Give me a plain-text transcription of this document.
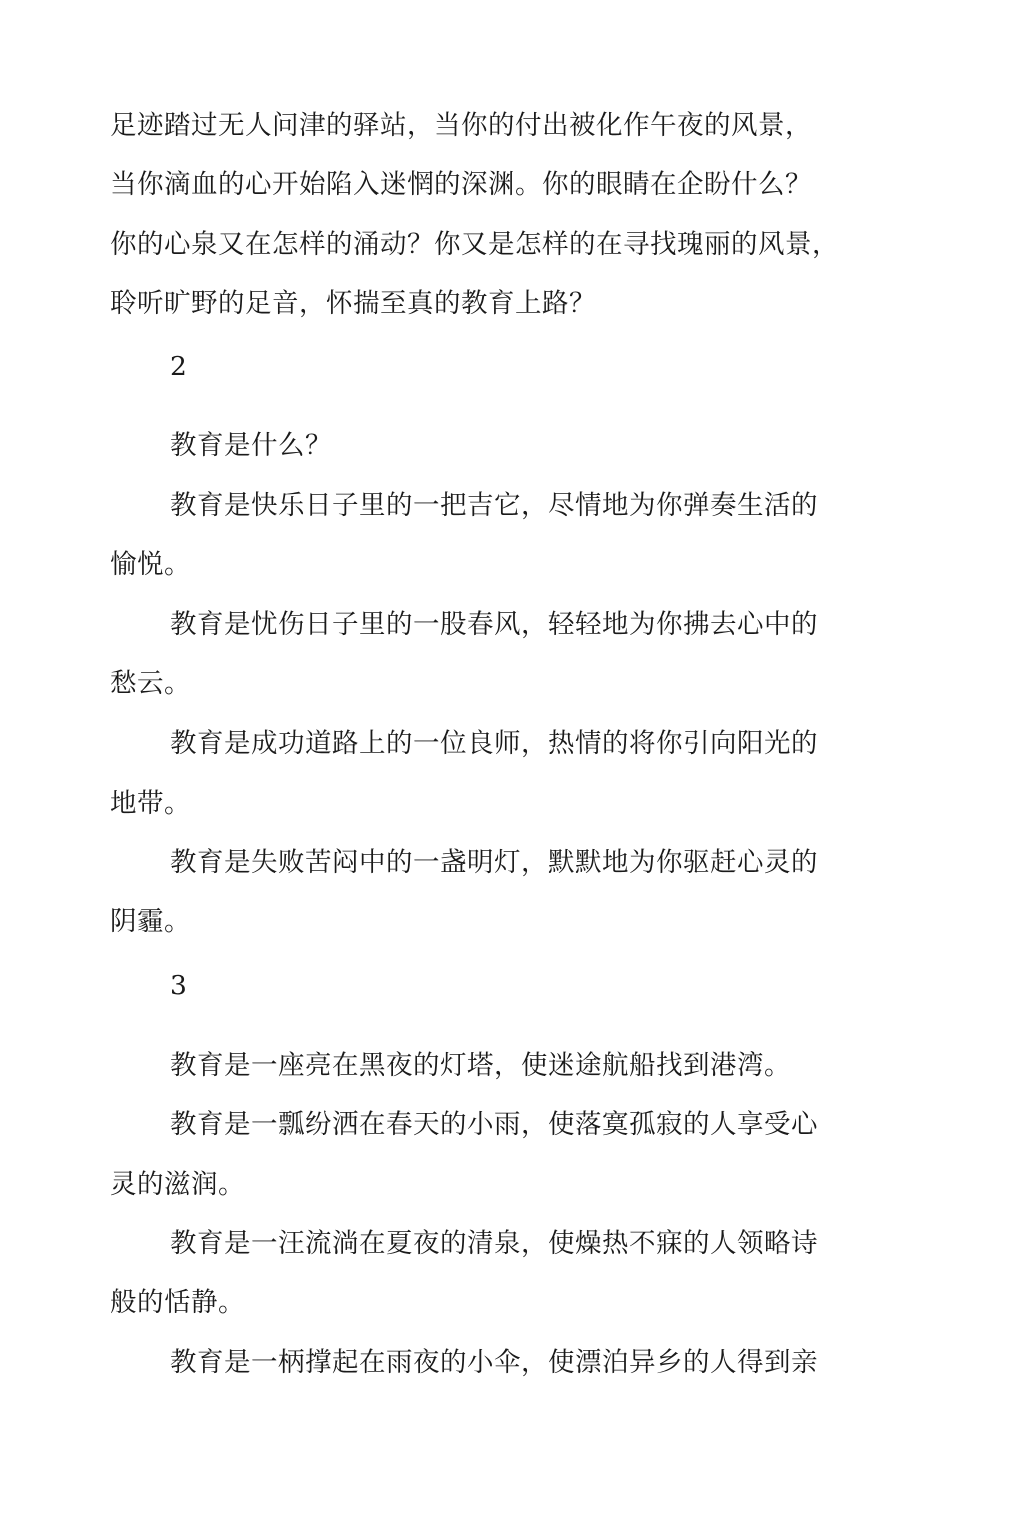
足迹踏过无人问津的驿站，当你的付出被化作午夜的风景，
当你滴血的心开始陷入迷惘的深渊。你的眼睛在企盼什么？
你的心泉又在怎样的涌动？你又是怎样的在寻找瑰丽的风景，
聆听旷野的足音，怀揣至真的教育上路？
2
教育是什么？
教育是快乐日子里的一把吉它，尽情地为你弹奏生活的
愉悦。
教育是忧伤日子里的一股春风，轻轻地为你拂去心中的
愁云。
教育是成功道路上的一位良师，热情的将你引向阳光的
地带。
教育是失败苦闷中的一盏明灯，默默地为你驱赶心灵的
阴霾。
3
教育是一座亮在黑夜的灯塔，使迷途航船找到港湾。
教育是一瓢纷洒在春天的小雨，使落寞孤寂的人享受心
灵的滋润。
教育是一汪流淌在夏夜的清泉，使燥热不寐的人领略诗
般的恬静。
教育是一柄撑起在雨夜的小伞，使漂泊异乡的人得到亲
